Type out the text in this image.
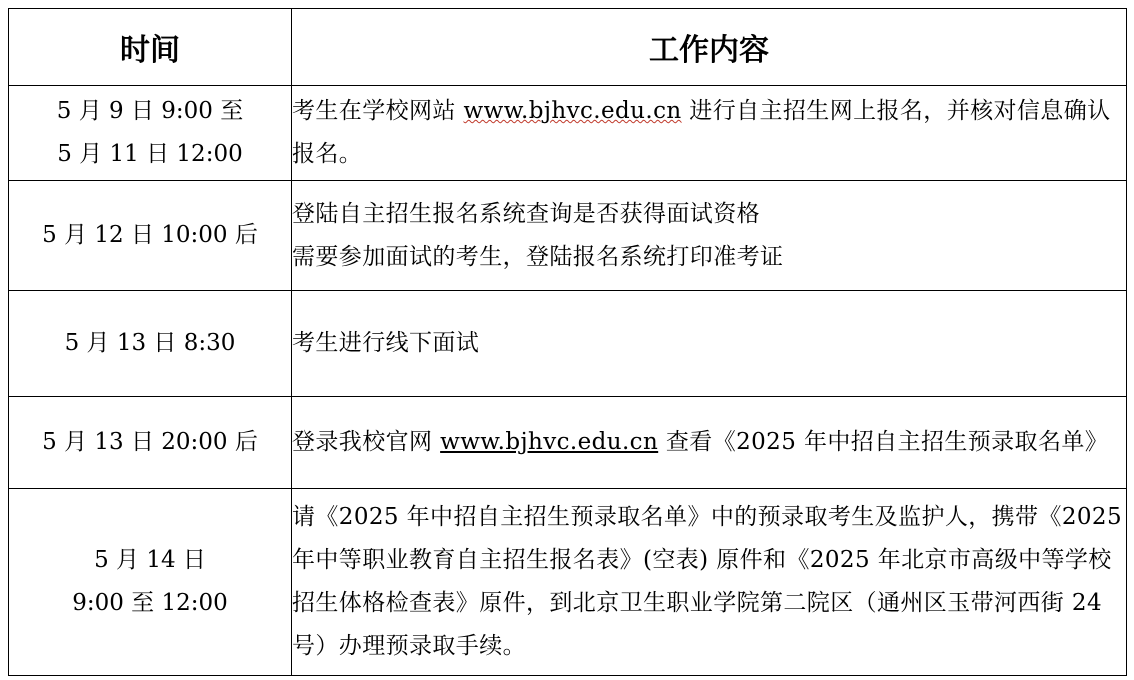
时间	工作内容

5 月 9 日 9:00 至
5 月 11 日 12:00	考生在学校网站 www.bjhvc.edu.cn 进行自主招生网上报名，并核对信息确认报名。
5 月 12 日 10:00 后	登陆自主招生报名系统查询是否获得面试资格
需要参加面试的考生，登陆报名系统打印准考证

5 月 13 日 8:30	考生进行线下面试
5 月 13 日 20:00 后	登录我校官网 www.bjhvc.edu.cn 查看《2025 年中招自主招生预录取名单》

5 月 14 日
9:00 至 12:00	请《2025 年中招自主招生预录取名单》中的预录取考生及监护人，携带《2025 年中等职业教育自主招生报名表》(空表) 原件和《2025 年北京市高级中等学校招生体格检查表》原件，到北京卫生职业学院第二院区（通州区玉带河西街 24 号）办理预录取手续。
